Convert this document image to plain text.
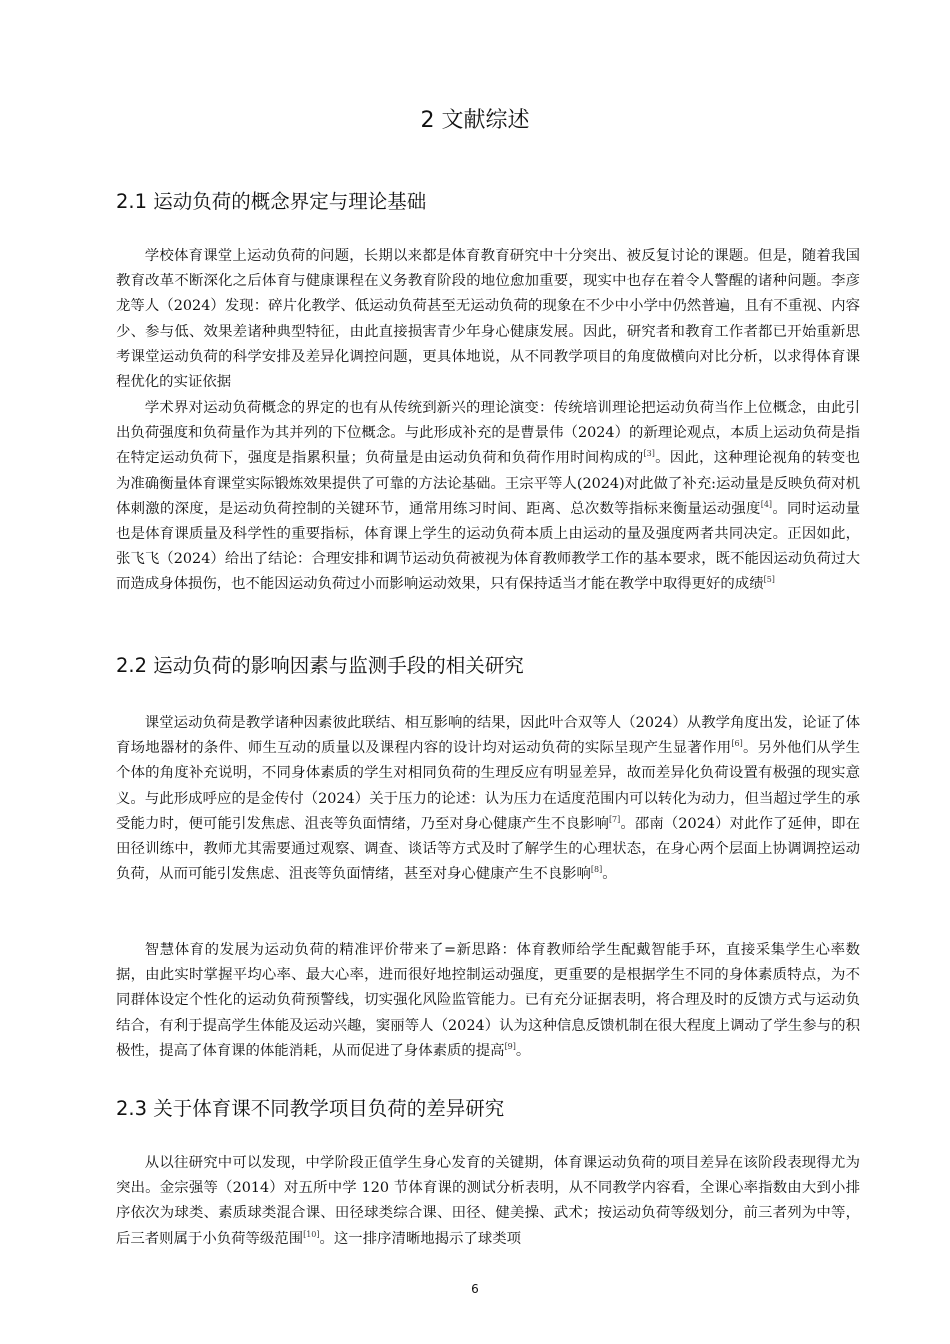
2 文献综述
2.1 运动负荷的概念界定与理论基础

学校体育课堂上运动负荷的问题，长期以来都是体育教育研究中十分突出、被反复讨论的课题。但是，随着我国教育改革不断深化之后体育与健康课程在义务教育阶段的地位愈加重要，现实中也存在着令人警醒的诸种问题。李彦龙等人（2024）发现：碎片化教学、低运动负荷甚至无运动负荷的现象在不少中小学中仍然普遍，且有不重视、内容少、参与低、效果差诸种典型特征，由此直接损害青少年身心健康发展。因此，研究者和教育工作者都已开始重新思考课堂运动负荷的科学安排及差异化调控问题，更具体地说，从不同教学项目的角度做横向对比分析，以求得体育课程优化的实证依据

学术界对运动负荷概念的界定的也有从传统到新兴的理论演变：传统培训理论把运动负荷当作上位概念，由此引出负荷强度和负荷量作为其并列的下位概念。与此形成补充的是曹景伟（2024）的新理论观点，本质上运动负荷是指在特定运动负荷下，强度是指累积量；负荷量是由运动负荷和负荷作用时间构成的[3]。因此，这种理论视角的转变也为准确衡量体育课堂实际锻炼效果提供了可靠的方法论基础。王宗平等人(2024)对此做了补充:运动量是反映负荷对机体刺激的深度，是运动负荷控制的关键环节，通常用练习时间、距离、总次数等指标来衡量运动强度[4]。同时运动量也是体育课质量及科学性的重要指标，体育课上学生的运动负荷本质上由运动的量及强度两者共同决定。正因如此，张飞飞（2024）给出了结论：合理安排和调节运动负荷被视为体育教师教学工作的基本要求，既不能因运动负荷过大而造成身体损伤，也不能因运动负荷过小而影响运动效果，只有保持适当才能在教学中取得更好的成绩[5]

2.2 运动负荷的影响因素与监测手段的相关研究

课堂运动负荷是教学诸种因素彼此联结、相互影响的结果，因此叶合双等人（2024）从教学角度出发，论证了体育场地器材的条件、师生互动的质量以及课程内容的设计均对运动负荷的实际呈现产生显著作用[6]。另外他们从学生个体的角度补充说明，不同身体素质的学生对相同负荷的生理反应有明显差异，故而差异化负荷设置有极强的现实意义。与此形成呼应的是金传付（2024）关于压力的论述：认为压力在适度范围内可以转化为动力，但当超过学生的承受能力时，便可能引发焦虑、沮丧等负面情绪，乃至对身心健康产生不良影响[7]。邵南（2024）对此作了延伸，即在田径训练中，教师尤其需要通过观察、调查、谈话等方式及时了解学生的心理状态，在身心两个层面上协调调控运动负荷，从而可能引发焦虑、沮丧等负面情绪，甚至对身心健康产生不良影响[8]。

智慧体育的发展为运动负荷的精准评价带来了=新思路：体育教师给学生配戴智能手环，直接采集学生心率数据，由此实时掌握平均心率、最大心率，进而很好地控制运动强度，更重要的是根据学生不同的身体素质特点，为不同群体设定个性化的运动负荷预警线，切实强化风险监管能力。已有充分证据表明，将合理及时的反馈方式与运动负结合，有利于提高学生体能及运动兴趣，窦丽等人（2024）认为这种信息反馈机制在很大程度上调动了学生参与的积极性，提高了体育课的体能消耗，从而促进了身体素质的提高[9]。

2.3 关于体育课不同教学项目负荷的差异研究

从以往研究中可以发现，中学阶段正值学生身心发育的关键期，体育课运动负荷的项目差异在该阶段表现得尤为突出。金宗强等（2014）对五所中学 120 节体育课的测试分析表明，从不同教学内容看，全课心率指数由大到小排序依次为球类、素质球类混合课、田径球类综合课、田径、健美操、武术；按运动负荷等级划分，前三者列为中等，后三者则属于小负荷等级范围[10]。这一排序清晰地揭示了球类项

6
